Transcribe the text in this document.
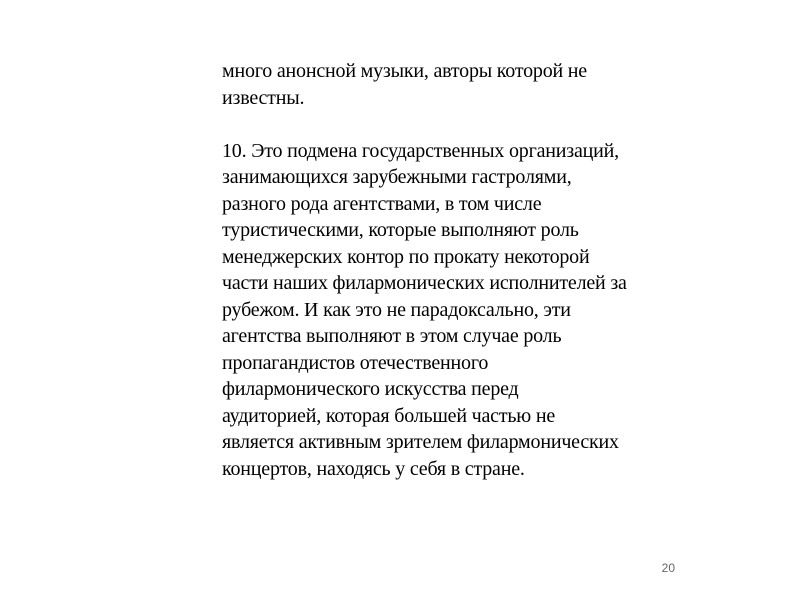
много анонсной музыки, авторы которой не
известны.
10. Это подмена государственных организаций,
занимающихся зарубежными гастролями,
разного рода агентствами, в том числе
туристическими, которые выполняют роль
менеджерских контор по прокату некоторой
части наших филармонических исполнителей за
рубежом. И как это не парадоксально, эти
агентства выполняют в этом случае роль
пропагандистов отечественного
филармонического искусства перед
аудиторией, которая большей частью не
является активным зрителем филармонических
концертов, находясь у себя в стране.
20
